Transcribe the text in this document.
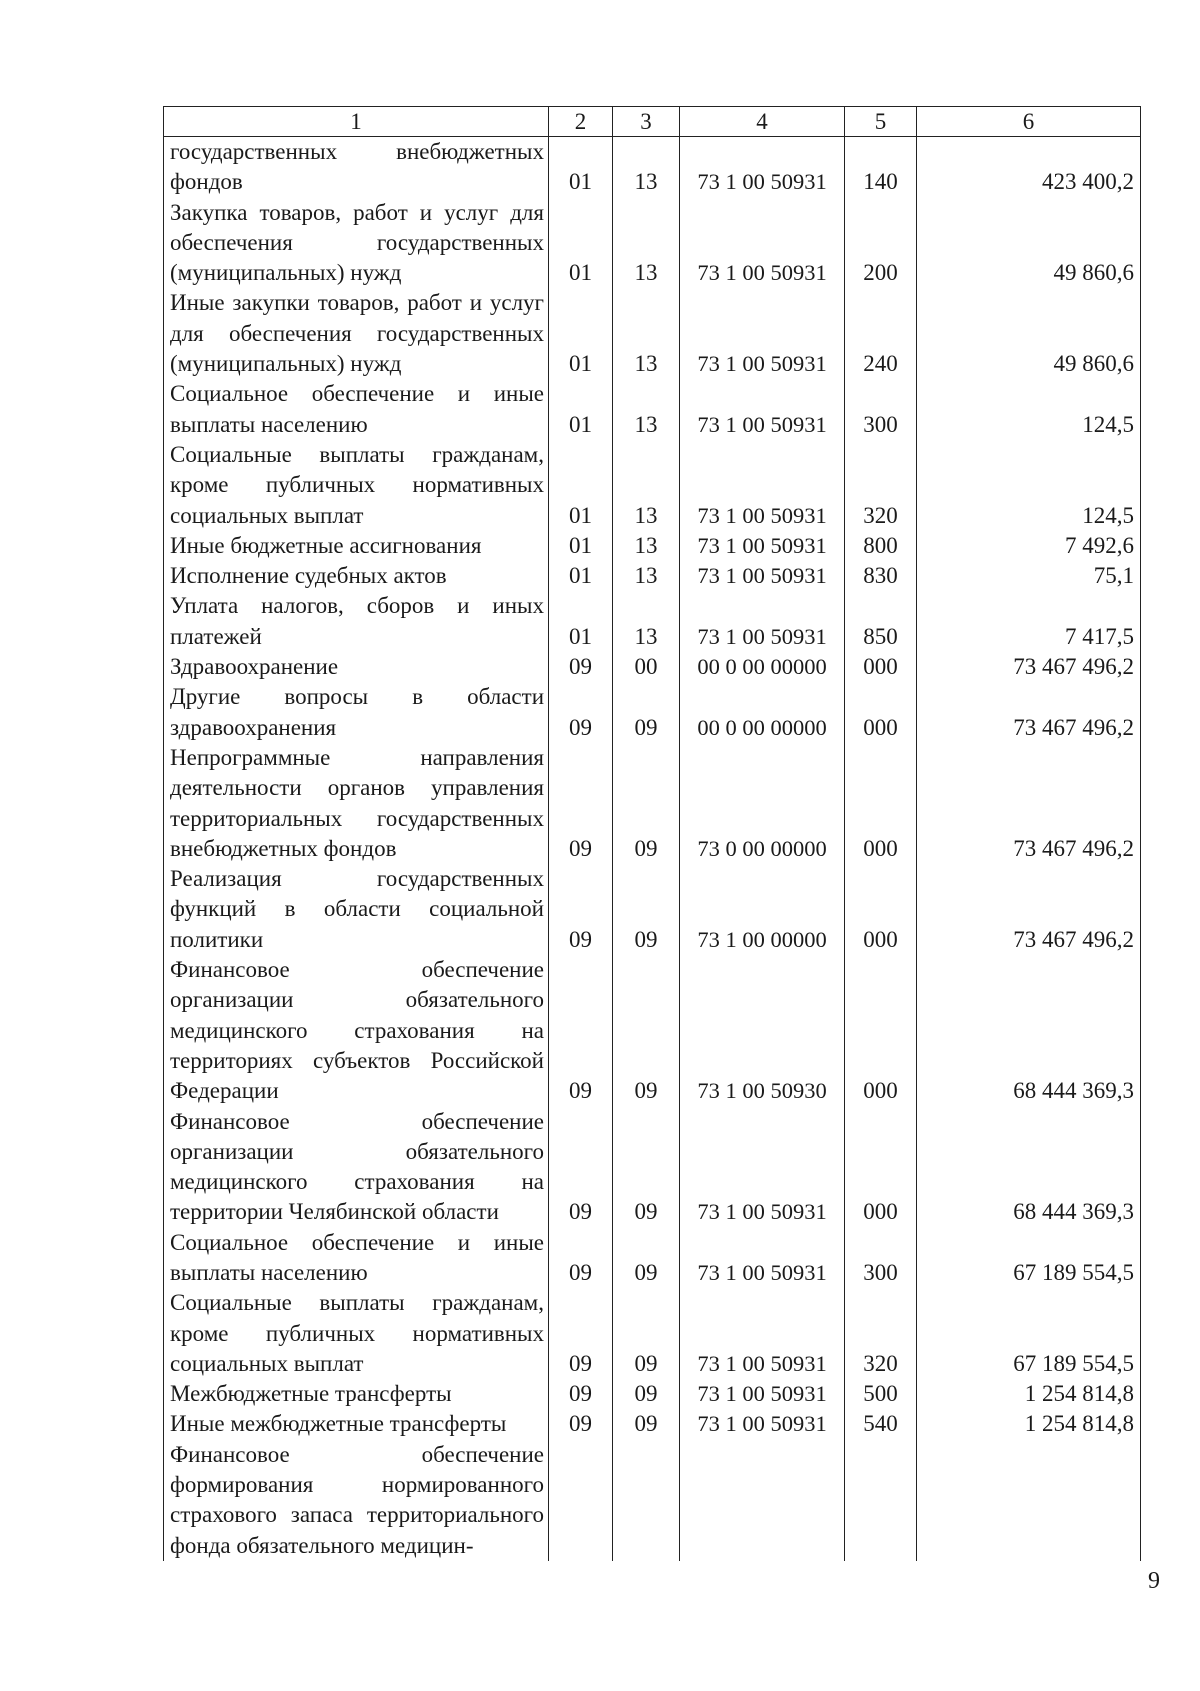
1	2	3	4	5	6
государственных внебюджетных фондов	01	13	73 1 00 50931	140	423 400,2
Закупка товаров, работ и услуг для обеспечения государственных (муниципальных) нужд	01	13	73 1 00 50931	200	49 860,6
Иные закупки товаров, работ и услуг для обеспечения государственных (муниципальных) нужд	01	13	73 1 00 50931	240	49 860,6
Социальное обеспечение и иные выплаты населению	01	13	73 1 00 50931	300	124,5
Социальные выплаты гражданам, кроме публичных нормативных социальных выплат	01	13	73 1 00 50931	320	124,5
Иные бюджетные ассигнования	01	13	73 1 00 50931	800	7 492,6
Исполнение судебных актов	01	13	73 1 00 50931	830	75,1
Уплата налогов, сборов и иных платежей	01	13	73 1 00 50931	850	7 417,5
Здравоохранение	09	00	00 0 00 00000	000	73 467 496,2
Другие вопросы в области здравоохранения	09	09	00 0 00 00000	000	73 467 496,2
Непрограммные направления деятельности органов управления территориальных государственных внебюджетных фондов	09	09	73 0 00 00000	000	73 467 496,2
Реализация государственных функций в области социальной политики	09	09	73 1 00 00000	000	73 467 496,2
Финансовое обеспечение организации обязательного медицинского страхования на территориях субъектов Российской Федерации	09	09	73 1 00 50930	000	68 444 369,3
Финансовое обеспечение организации обязательного медицинского страхования на территории Челябинской области	09	09	73 1 00 50931	000	68 444 369,3
Социальное обеспечение и иные выплаты населению	09	09	73 1 00 50931	300	67 189 554,5
Социальные выплаты гражданам, кроме публичных нормативных социальных выплат	09	09	73 1 00 50931	320	67 189 554,5
Межбюджетные трансферты	09	09	73 1 00 50931	500	1 254 814,8
Иные межбюджетные трансферты	09	09	73 1 00 50931	540	1 254 814,8
Финансовое обеспечение формирования нормированного страхового запаса территориального фонда обязательного медицин-					
9
